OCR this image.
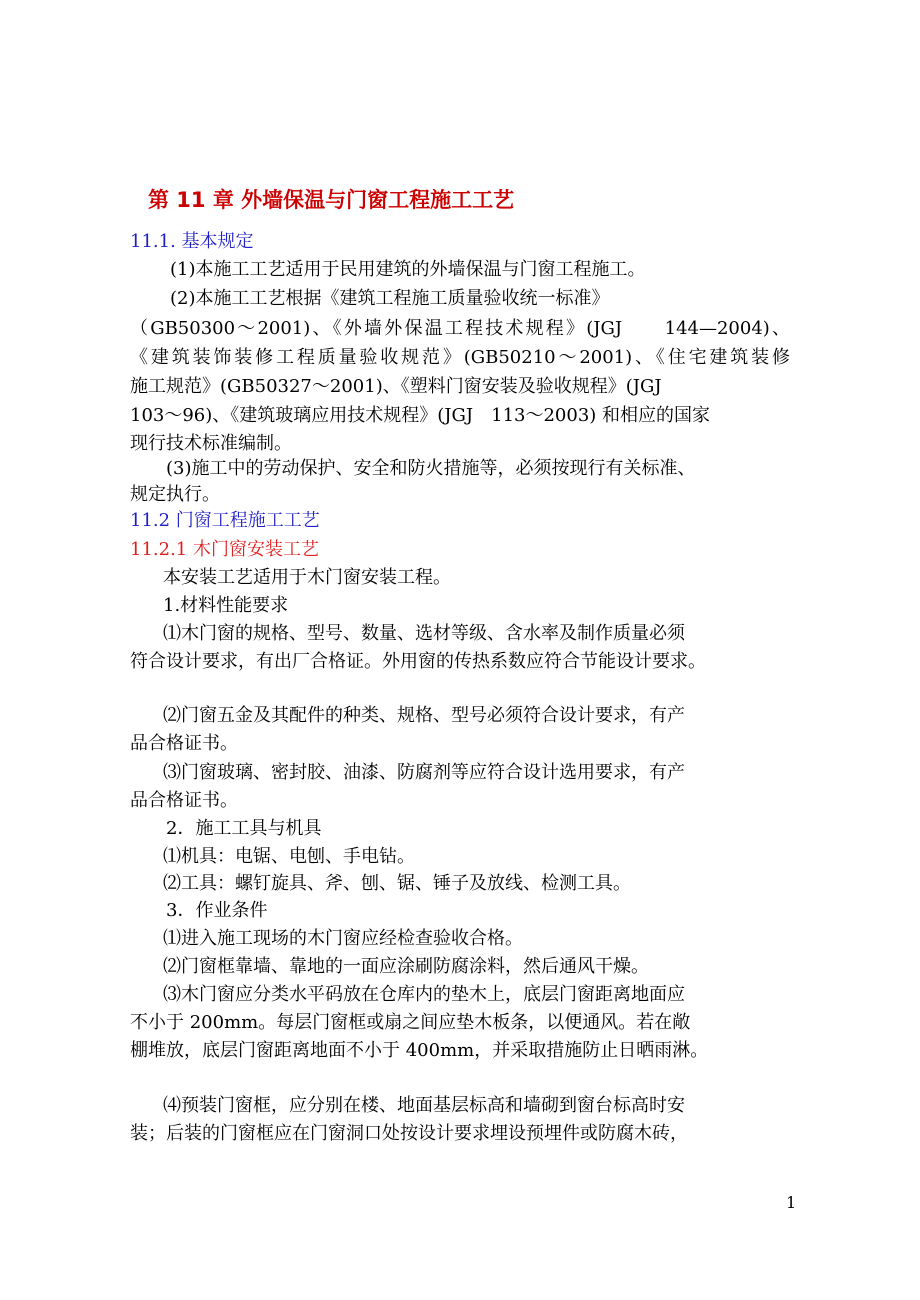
第 11 章 外墙保温与门窗工程施工工艺
11.1. 基本规定
(1)本施工工艺适用于民用建筑的外墙保温与门窗工程施工。
(2)本施工工艺根据《建筑工程施工质量验收统一标准》
（GB50300～2001)、《外墙外保温工程技术规程》(JGJ　　144—2004)、
《建筑装饰装修工程质量验收规范》(GB50210～2001)、《住宅建筑装修
施工规范》(GB50327～2001)、《塑料门窗安装及验收规程》(JGJ
103～96)、《建筑玻璃应用技术规程》(JGJ　113～2003) 和相应的国家
现行技术标准编制。
(3)施工中的劳动保护、安全和防火措施等，必须按现行有关标准、
规定执行。
11.2 门窗工程施工工艺
11.2.1 木门窗安装工艺
本安装工艺适用于木门窗安装工程。
1.材料性能要求
⑴木门窗的规格、型号、数量、选材等级、含水率及制作质量必须
符合设计要求，有出厂合格证。外用窗的传热系数应符合节能设计要求。
⑵门窗五金及其配件的种类、规格、型号必须符合设计要求，有产
品合格证书。
⑶门窗玻璃、密封胶、油漆、防腐剂等应符合设计选用要求，有产
品合格证书。
2．施工工具与机具
⑴机具：电锯、电刨、手电钻。
⑵工具：螺钉旋具、斧、刨、锯、锤子及放线、检测工具。
3．作业条件
⑴进入施工现场的木门窗应经检查验收合格。
⑵门窗框靠墙、靠地的一面应涂刷防腐涂料，然后通风干燥。
⑶木门窗应分类水平码放在仓库内的垫木上，底层门窗距离地面应
不小于 200mm。每层门窗框或扇之间应垫木板条，以便通风。若在敞
棚堆放，底层门窗距离地面不小于 400mm，并采取措施防止日晒雨淋。
⑷预装门窗框，应分别在楼、地面基层标高和墙砌到窗台标高时安
装；后装的门窗框应在门窗洞口处按设计要求埋设预埋件或防腐木砖，
1
